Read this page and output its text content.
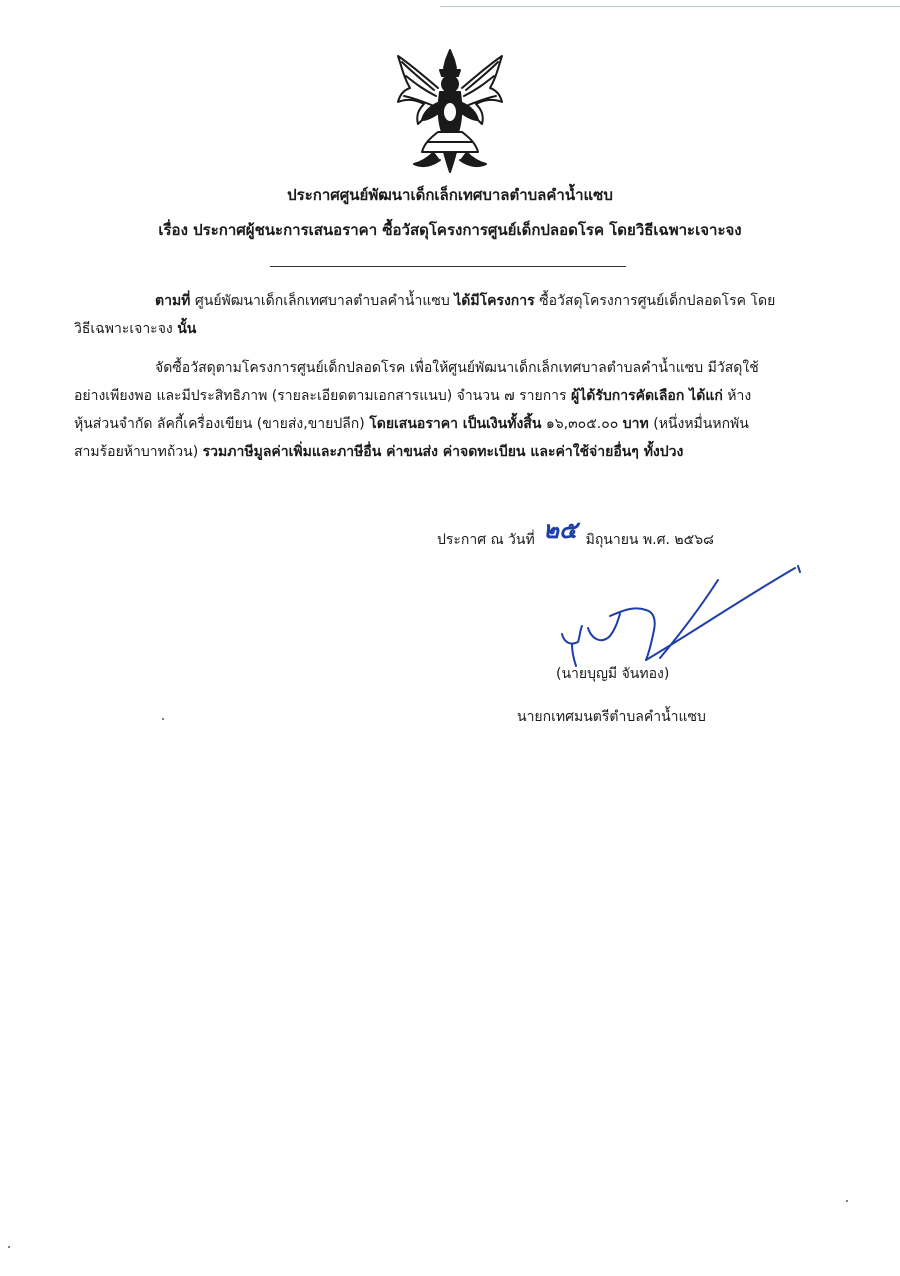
ประกาศศูนย์พัฒนาเด็กเล็กเทศบาลตำบลคำน้ำแซบ
เรื่อง ประกาศผู้ชนะการเสนอราคา ซื้อวัสดุโครงการศูนย์เด็กปลอดโรค โดยวิธีเฉพาะเจาะจง
ตามที่ ศูนย์พัฒนาเด็กเล็กเทศบาลตำบลคำน้ำแซบ ได้มีโครงการ ซื้อวัสดุโครงการศูนย์เด็กปลอดโรค โดย
วิธีเฉพาะเจาะจง นั้น
จัดซื้อวัสดุตามโครงการศูนย์เด็กปลอดโรค เพื่อให้ศูนย์พัฒนาเด็กเล็กเทศบาลตำบลคำน้ำแซบ มีวัสดุใช้
อย่างเพียงพอ และมีประสิทธิภาพ (รายละเอียดตามเอกสารแนบ) จำนวน ๗ รายการ ผู้ได้รับการคัดเลือก ได้แก่ ห้าง
หุ้นส่วนจำกัด ลัคกี้เครื่องเขียน (ขายส่ง,ขายปลีก) โดยเสนอราคา เป็นเงินทั้งสิ้น ๑๖,๓๐๕.๐๐ บาท (หนึ่งหมื่นหกพัน
สามร้อยห้าบาทถ้วน) รวมภาษีมูลค่าเพิ่มและภาษีอื่น ค่าขนส่ง ค่าจดทะเบียน และค่าใช้จ่ายอื่นๆ ทั้งปวง
ประกาศ ณ วันที่ ๒๕ มิถุนายน พ.ศ. ๒๕๖๘
(นายบุญมี จันทอง)
นายกเทศมนตรีตำบลคำน้ำแซบ
